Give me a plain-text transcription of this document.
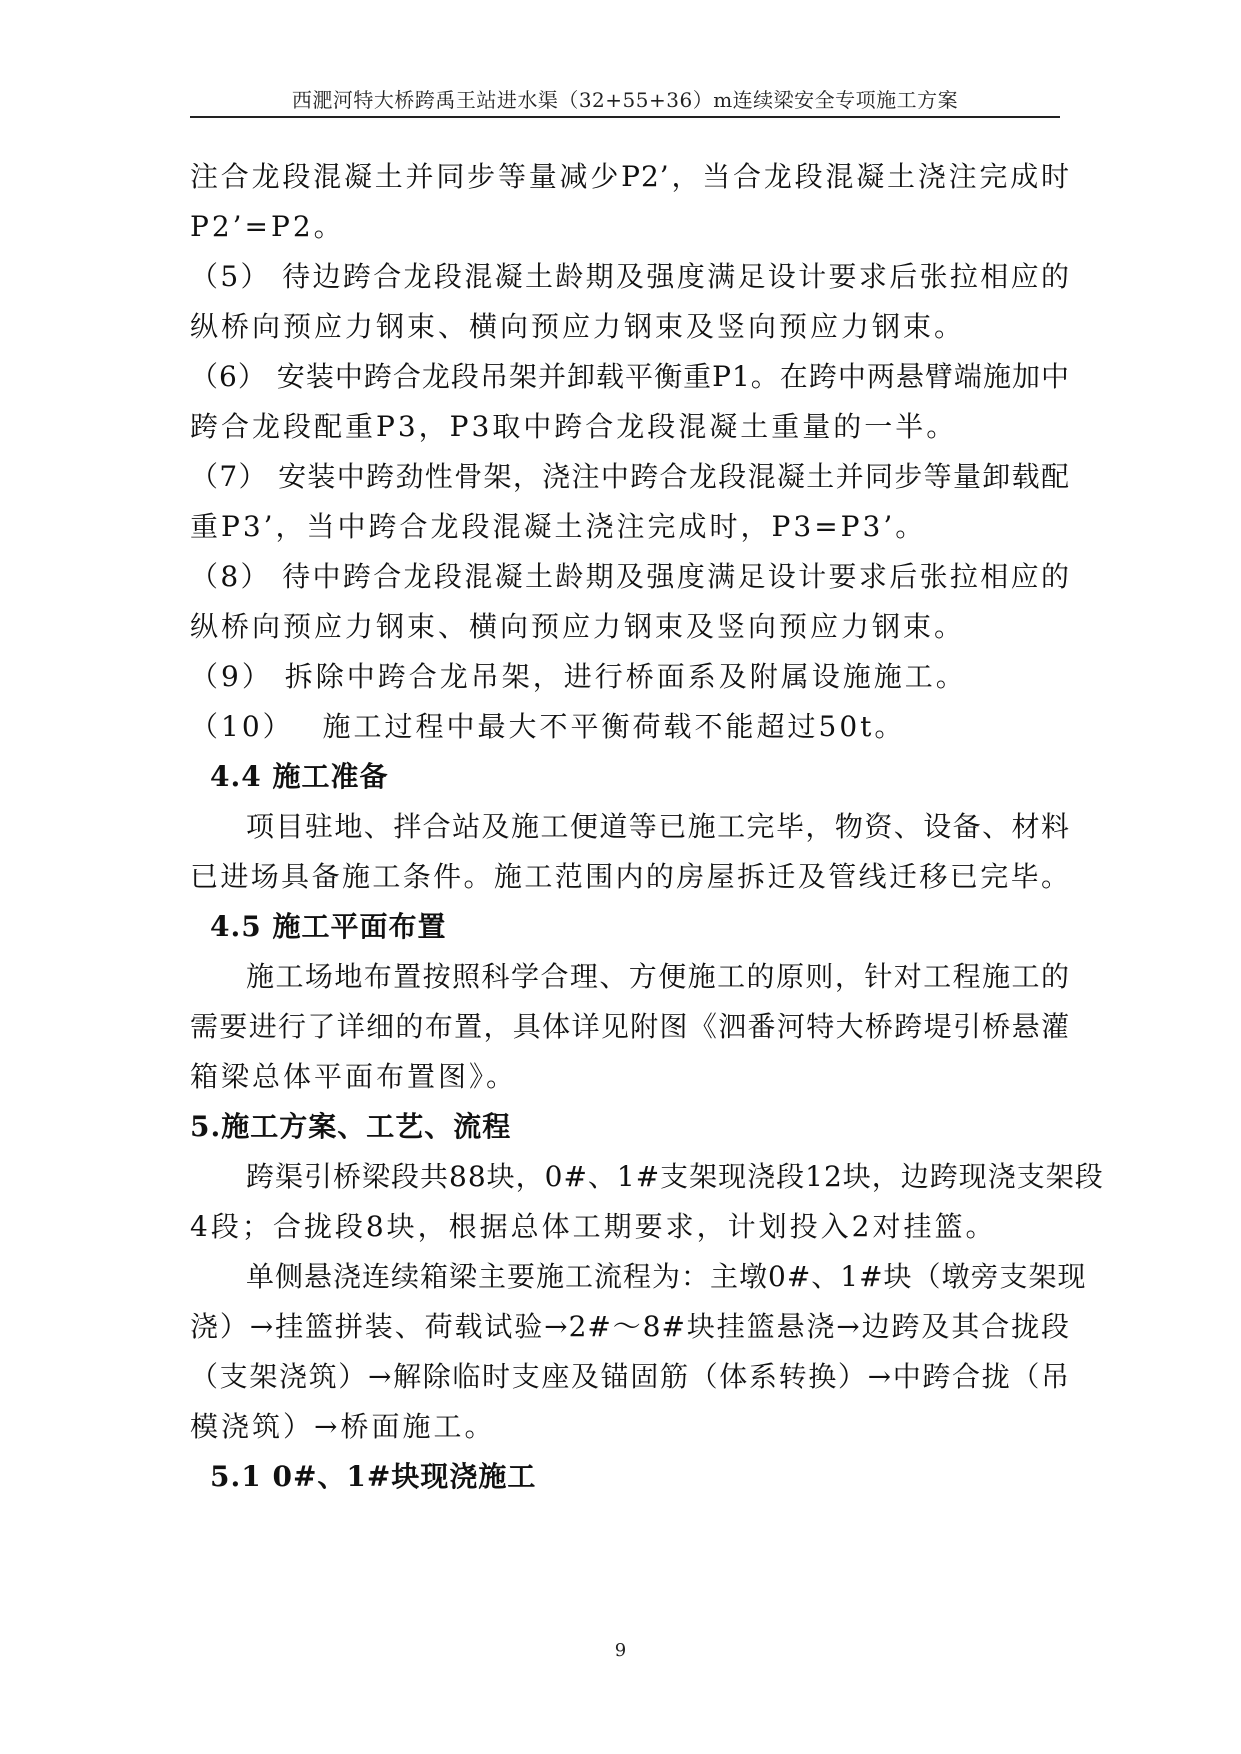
西淝河特大桥跨禹王站进水渠（32+55+36）m连续梁安全专项施工方案
注合龙段混凝土并同步等量减少P2’，当合龙段混凝土浇注完成时
P2’=P2。
（5） 待边跨合龙段混凝土龄期及强度满足设计要求后张拉相应的
纵桥向预应力钢束、横向预应力钢束及竖向预应力钢束。
（6） 安装中跨合龙段吊架并卸载平衡重P1。在跨中两悬臂端施加中
跨合龙段配重P3，P3取中跨合龙段混凝土重量的一半。
（7） 安装中跨劲性骨架，浇注中跨合龙段混凝土并同步等量卸载配
重P3’，当中跨合龙段混凝土浇注完成时，P3=P3’。
（8） 待中跨合龙段混凝土龄期及强度满足设计要求后张拉相应的
纵桥向预应力钢束、横向预应力钢束及竖向预应力钢束。
（9） 拆除中跨合龙吊架，进行桥面系及附属设施施工。
（10）　 施工过程中最大不平衡荷载不能超过50t。
4.4 施工准备
项目驻地、拌合站及施工便道等已施工完毕，物资、设备、材料
已进场具备施工条件。施工范围内的房屋拆迁及管线迁移已完毕。
4.5 施工平面布置
施工场地布置按照科学合理、方便施工的原则，针对工程施工的
需要进行了详细的布置，具体详见附图《泗番河特大桥跨堤引桥悬灌
箱梁总体平面布置图》。
5.施工方案、工艺、流程
跨渠引桥梁段共88块，0#、1#支架现浇段12块，边跨现浇支架段
4段；合拢段8块，根据总体工期要求，计划投入2对挂篮。
单侧悬浇连续箱梁主要施工流程为：主墩0#、1#块（墩旁支架现
浇）→挂篮拼装、荷载试验→2#～8#块挂篮悬浇→边跨及其合拢段
（支架浇筑）→解除临时支座及锚固筋（体系转换）→中跨合拢（吊
模浇筑）→桥面施工。
5.1 0#、1#块现浇施工
9
